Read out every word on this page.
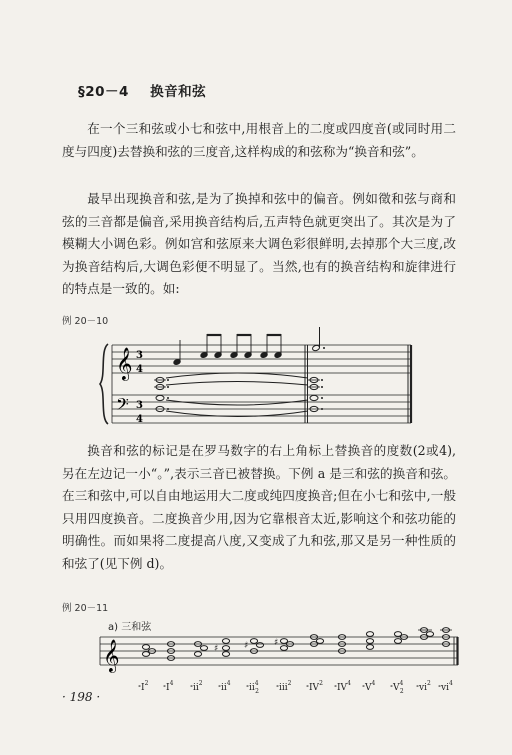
§20－4 换音和弦

在一个三和弦或小七和弦中,用根音上的二度或四度音(或同时用二度与四度)去替换和弦的三度音,这样构成的和弦称为“换音和弦”。

最早出现换音和弦,是为了换掉和弦中的偏音。例如徵和弦与商和弦的三音都是偏音,采用换音结构后,五声特色就更突出了。其次是为了模糊大小调色彩。例如宫和弦原来大调色彩很鲜明,去掉那个大三度,改为换音结构后,大调色彩便不明显了。当然,也有的换音结构和旋律进行的特点是一致的。如:

例 20－10
𝄞
𝄢
3
4
3
4

换音和弦的标记是在罗马数字的右上角标上替换音的度数(2或4),另在左边记一小“。”,表示三音已被替换。下例 a 是三和弦的换音和弦。在三和弦中,可以自由地运用大二度或纯四度换音;但在小七和弦中,一般只用四度换音。二度换音少用,因为它靠根音太近,影响这个和弦功能的明确性。而如果将二度提高八度,又变成了九和弦,那又是另一种性质的和弦了(见下例 d)。

例 20－11
a) 三和弦
𝄞	♯	♯	♯
$^\circ I^2$
$^\circ I^4$
$^\circ ii^2$
$^\circ ii^4$
$^\circ ii^4$ 2	°iii$^2$
$^\circ IV^2$
$^\circ IV^4$
$^\circ V^4$
$^\circ V^4$ 2 $^\circ vi^2$
$^\circ vi^4$
· 198 ·
